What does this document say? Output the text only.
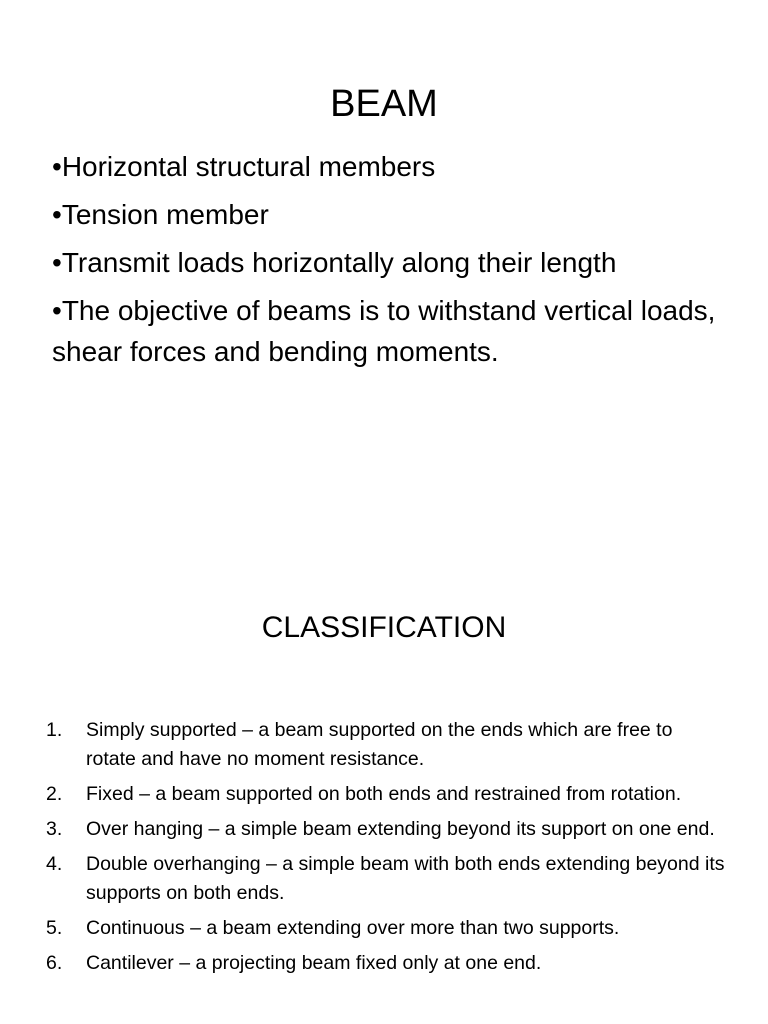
BEAM
•Horizontal structural members
•Tension member
•Transmit loads horizontally along their length
•The objective of beams is to withstand vertical loads, shear forces and bending moments.
CLASSIFICATION
1. Simply supported – a beam supported on the ends which are free to rotate and have no moment resistance.
2. Fixed – a beam supported on both ends and restrained from rotation.
3. Over hanging – a simple beam extending beyond its support on one end.
4. Double overhanging – a simple beam with both ends extending beyond its supports on both ends.
5. Continuous – a beam extending over more than two supports.
6. Cantilever – a projecting beam fixed only at one end.
